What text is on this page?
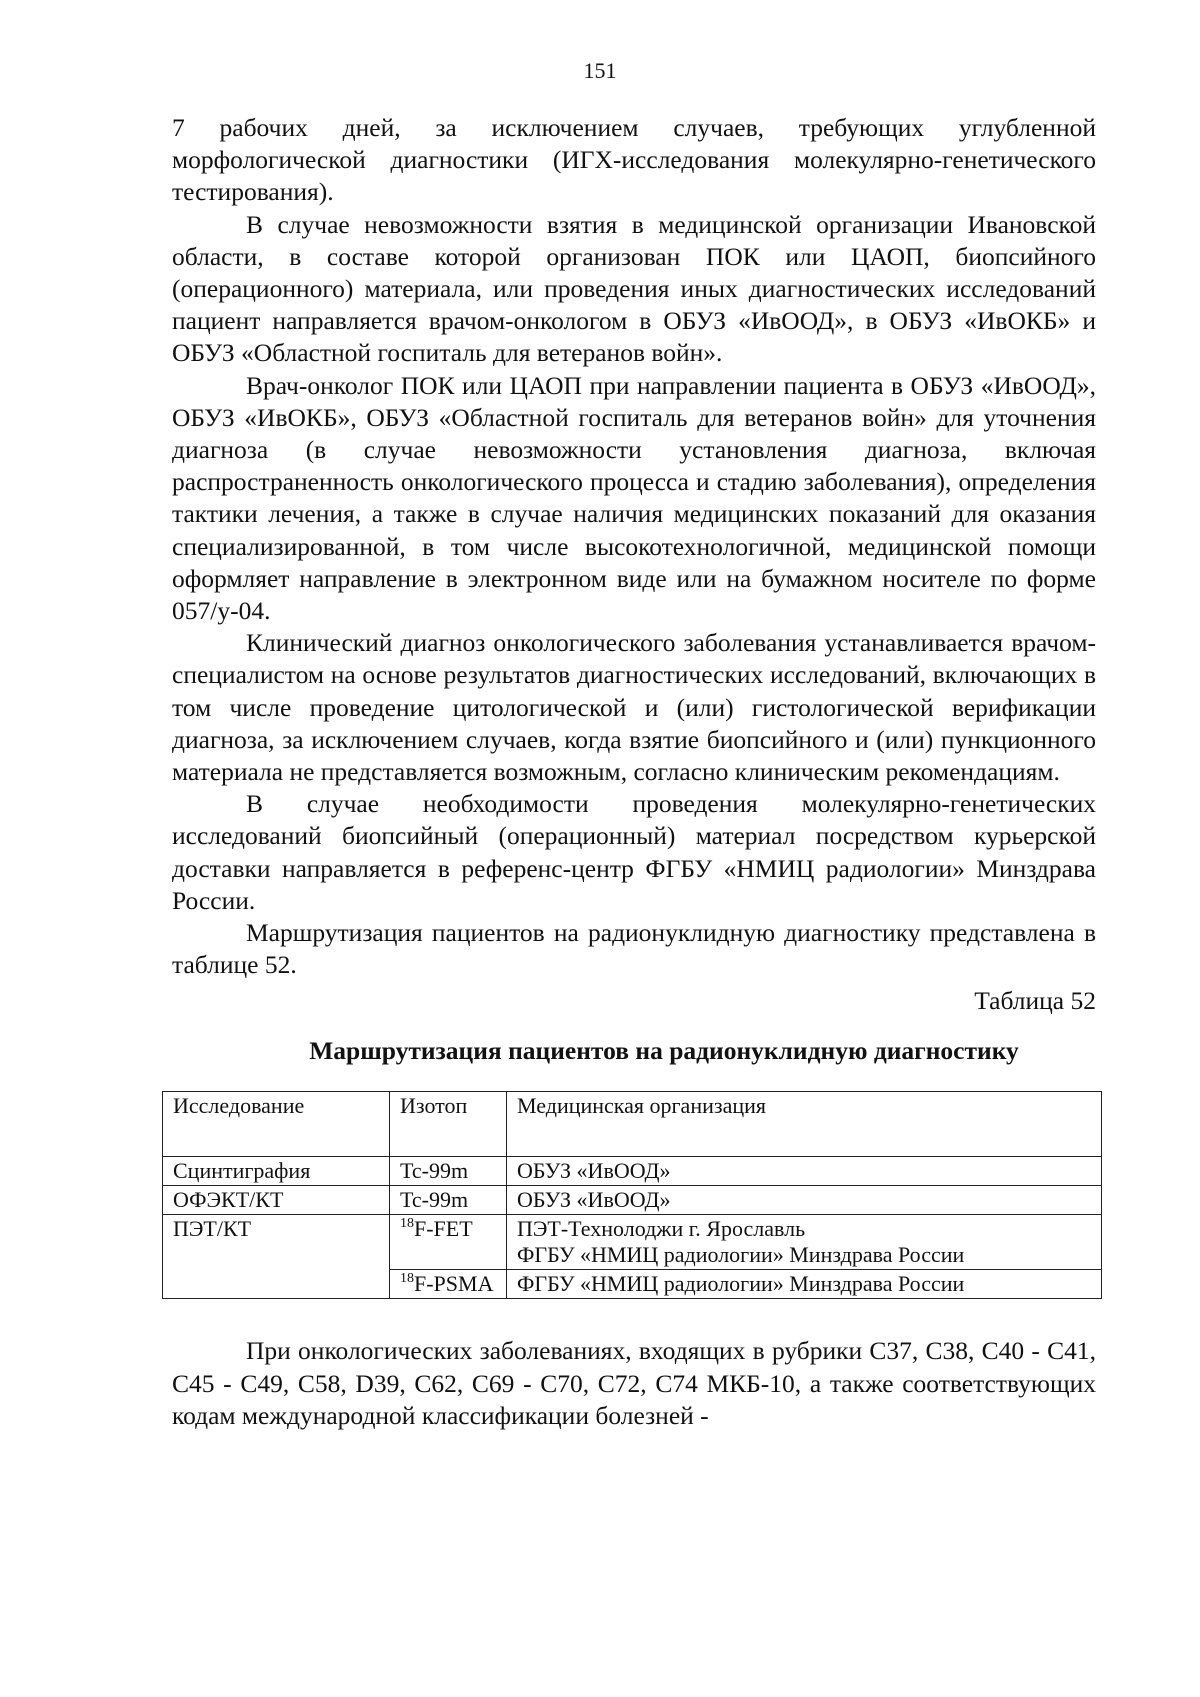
151

7 рабочих дней, за исключением случаев, требующих углубленной морфологической диагностики (ИГХ-исследования молекулярно-генетического тестирования).

В случае невозможности взятия в медицинской организации Ивановской области, в составе которой организован ПОК или ЦАОП, биопсийного (операционного) материала, или проведения иных диагностических исследований пациент направляется врачом-онкологом в ОБУЗ «ИвООД», в ОБУЗ «ИвОКБ» и ОБУЗ «Областной госпиталь для ветеранов войн».

Врач-онколог ПОК или ЦАОП при направлении пациента в ОБУЗ «ИвООД», ОБУЗ «ИвОКБ», ОБУЗ «Областной госпиталь для ветеранов войн» для уточнения диагноза (в случае невозможности установления диагноза, включая распространенность онкологического процесса и стадию заболевания), определения тактики лечения, а также в случае наличия медицинских показаний для оказания специализированной, в том числе высокотехнологичной, медицинской помощи оформляет направление в электронном виде или на бумажном носителе по форме 057/у-04.

Клинический диагноз онкологического заболевания устанавливается врачом-специалистом на основе результатов диагностических исследований, включающих в том числе проведение цитологической и (или) гистологической верификации диагноза, за исключением случаев, когда взятие биопсийного и (или) пункционного материала не представляется возможным, согласно клиническим рекомендациям.

В случае необходимости проведения молекулярно-генетических исследований биопсийный (операционный) материал посредством курьерской доставки направляется в референс-центр ФГБУ «НМИЦ радиологии» Минздрава России.

Маршрутизация пациентов на радионуклидную диагностику представлена в таблице 52.

Таблица 52
Маршрутизация пациентов на радионуклидную диагностику
Исследование	Изотоп	Медицинская организация
Сцинтиграфия	Tc-99m	ОБУЗ «ИвООД»
ОФЭКТ/КТ	Tc-99m	ОБУЗ «ИвООД»
ПЭТ/КТ	$^{18}$F-FET	ПЭТ-Технолоджи г. Ярославль
ФГБУ «НМИЦ радиологии» Минздрава России

	$^{18}$F-PSMA	ФГБУ «НМИЦ радиологии» Минздрава России

При онкологических заболеваниях, входящих в рубрики C37, C38, C40 - C41, C45 - C49, C58, D39, C62, C69 - C70, C72, C74 МКБ-10, а также соответствующих кодам международной классификации болезней -
